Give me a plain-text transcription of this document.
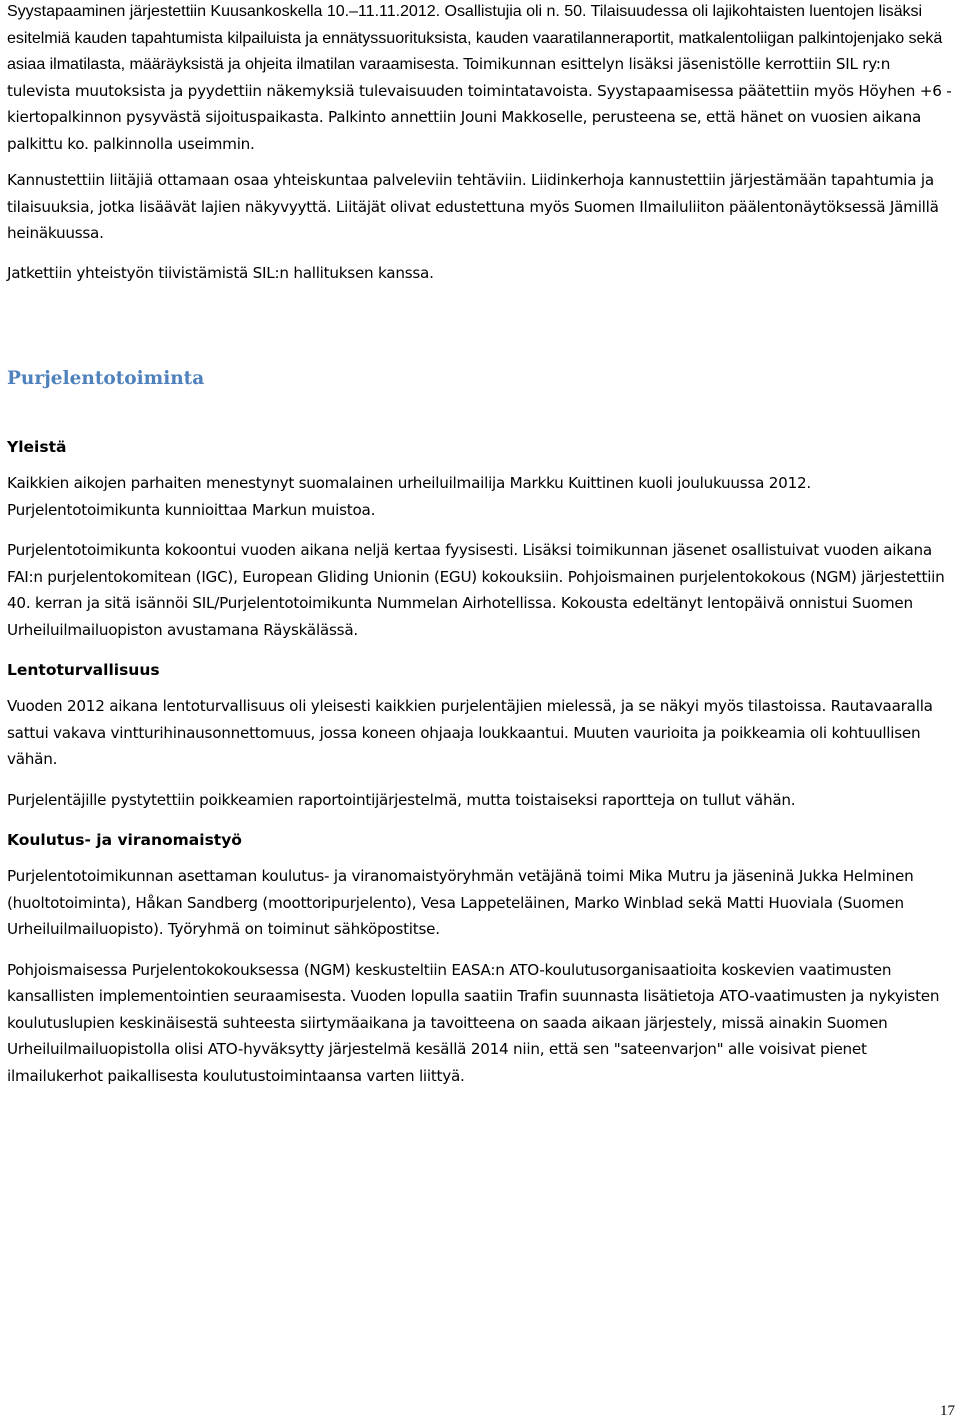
Syystapaaminen järjestettiin Kuusankoskella 10.–11.11.2012. Osallistujia oli n. 50. Tilaisuudessa oli lajikohtaisten luentojen lisäksi esitelmiä kauden tapahtumista kilpailuista ja ennätyssuorituksista, kauden vaaratilanneraportit, matkalentoliigan palkintojenjako sekä asiaa ilmatilasta, määräyksistä ja ohjeita ilmatilan varaamisesta. Toimikunnan esittelyn lisäksi jäsenistölle kerrottiin SIL ry:n tulevista muutoksista ja pyydettiin näkemyksiä tulevaisuuden toimintatavoista. Syystapaamisessa päätettiin myös Höyhen +6 -kiertopalkinnon pysyvästä sijoituspaikasta. Palkinto annettiin Jouni Makkoselle, perusteena se, että hänet on vuosien aikana palkittu ko. palkinnolla useimmin.

Kannustettiin liitäjiä ottamaan osaa yhteiskuntaa palveleviin tehtäviin. Liidinkerhoja kannustettiin järjestämään tapahtumia ja tilaisuuksia, jotka lisäävät lajien näkyvyyttä. Liitäjät olivat edustettuna myös Suomen Ilmailuliiton päälentonäytöksessä Jämillä heinäkuussa.

Jatkettiin yhteistyön tiivistämistä SIL:n hallituksen kanssa.

Purjelentotoiminta
Yleistä

Kaikkien aikojen parhaiten menestynyt suomalainen urheiluilmailija Markku Kuittinen kuoli joulukuussa 2012. Purjelentotoimikunta kunnioittaa Markun muistoa.

Purjelentotoimikunta kokoontui vuoden aikana neljä kertaa fyysisesti. Lisäksi toimikunnan jäsenet osallistuivat vuoden aikana FAI:n purjelentokomitean (IGC), European Gliding Unionin (EGU) kokouksiin. Pohjoismainen purjelentokokous (NGM) järjestettiin 40. kerran ja sitä isännöi SIL/Purjelentotoimikunta Nummelan Airhotellissa. Kokousta edeltänyt lentopäivä onnistui Suomen Urheiluilmailuopiston avustamana Räyskälässä.

Lentoturvallisuus

Vuoden 2012 aikana lentoturvallisuus oli yleisesti kaikkien purjelentäjien mielessä, ja se näkyi myös tilastoissa. Rautavaaralla sattui vakava vintturihinausonnettomuus, jossa koneen ohjaaja loukkaantui. Muuten vaurioita ja poikkeamia oli kohtuullisen vähän.

Purjelentäjille pystytettiin poikkeamien raportointijärjestelmä, mutta toistaiseksi raportteja on tullut vähän.

Koulutus- ja viranomaistyö

Purjelentotoimikunnan asettaman koulutus- ja viranomaistyöryhmän vetäjänä toimi Mika Mutru ja jäseninä Jukka Helminen (huoltotoiminta), Håkan Sandberg (moottoripurjelento), Vesa Lappeteläinen, Marko Winblad sekä Matti Huoviala (Suomen Urheiluilmailuopisto). Työryhmä on toiminut sähköpostitse.

Pohjoismaisessa Purjelentokokouksessa (NGM) keskusteltiin EASA:n ATO-koulutusorganisaatioita koskevien vaatimusten kansallisten implementointien seuraamisesta. Vuoden lopulla saatiin Trafin suunnasta lisätietoja ATO-vaatimusten ja nykyisten koulutuslupien keskinäisestä suhteesta siirtymäaikana ja tavoitteena on saada aikaan järjestely, missä ainakin Suomen Urheiluilmailuopistolla olisi ATO-hyväksytty järjestelmä kesällä 2014 niin, että sen "sateenvarjon" alle voisivat pienet ilmailukerhot paikallisesta koulutustoimintaansa varten liittyä.

17
